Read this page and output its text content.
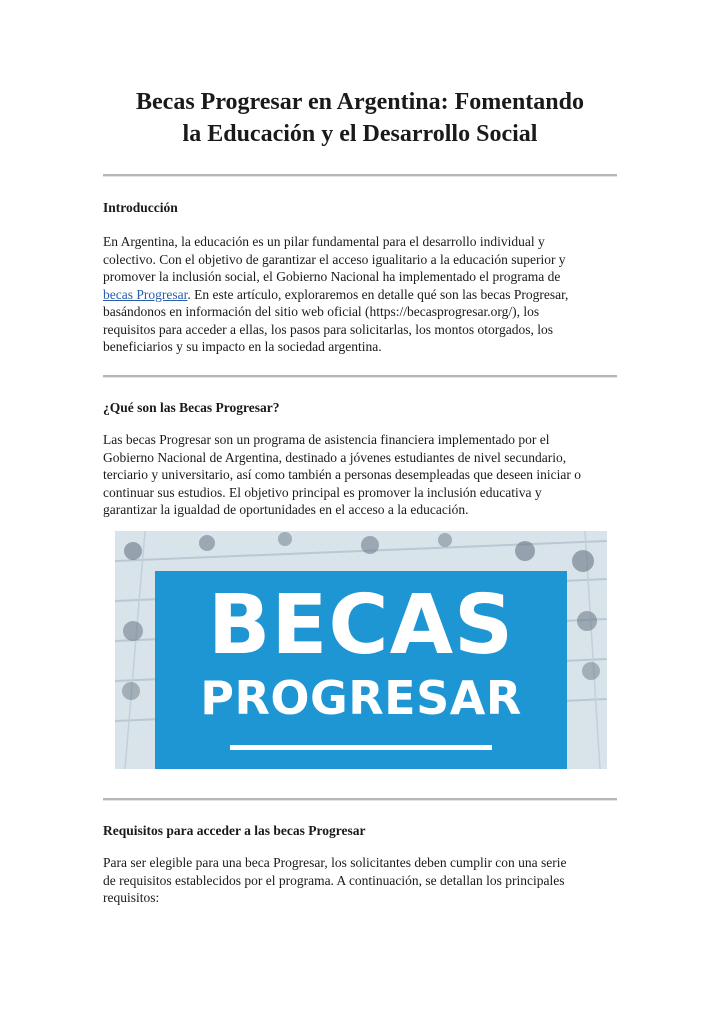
Becas Progresar en Argentina: Fomentando
la Educación y el Desarrollo Social
Introducción

En Argentina, la educación es un pilar fundamental para el desarrollo individual y
colectivo. Con el objetivo de garantizar el acceso igualitario a la educación superior y
promover la inclusión social, el Gobierno Nacional ha implementado el programa de
becas Progresar. En este artículo, exploraremos en detalle qué son las becas Progresar,
basándonos en información del sitio web oficial (https://becasprogresar.org/), los
requisitos para acceder a ellas, los pasos para solicitarlas, los montos otorgados, los
beneficiarios y su impacto en la sociedad argentina.

¿Qué son las Becas Progresar?

Las becas Progresar son un programa de asistencia financiera implementado por el
Gobierno Nacional de Argentina, destinado a jóvenes estudiantes de nivel secundario,
terciario y universitario, así como también a personas desempleadas que deseen iniciar o
continuar sus estudios. El objetivo principal es promover la inclusión educativa y
garantizar la igualdad de oportunidades en el acceso a la educación.

BECAS
PROGRESAR
Requisitos para acceder a las becas Progresar

Para ser elegible para una beca Progresar, los solicitantes deben cumplir con una serie
de requisitos establecidos por el programa. A continuación, se detallan los principales
requisitos:
